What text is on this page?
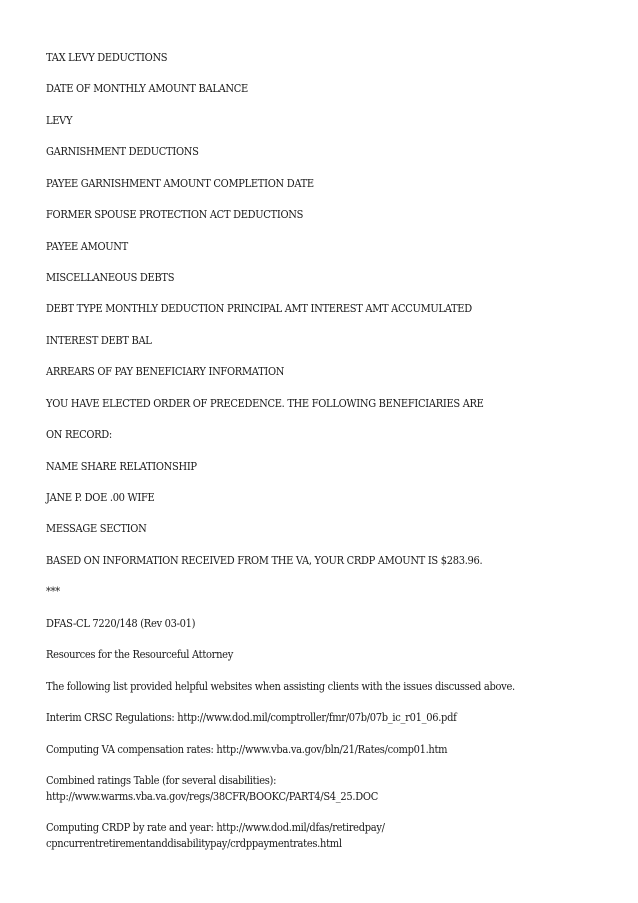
TAX LEVY DEDUCTIONS

DATE OF MONTHLY AMOUNT BALANCE

LEVY

GARNISHMENT DEDUCTIONS

PAYEE GARNISHMENT AMOUNT COMPLETION DATE

FORMER SPOUSE PROTECTION ACT DEDUCTIONS

PAYEE AMOUNT

MISCELLANEOUS DEBTS

DEBT TYPE MONTHLY DEDUCTION PRINCIPAL AMT INTEREST AMT ACCUMULATED

INTEREST DEBT BAL

ARREARS OF PAY BENEFICIARY INFORMATION

YOU HAVE ELECTED ORDER OF PRECEDENCE. THE FOLLOWING BENEFICIARIES ARE

ON RECORD:

NAME SHARE RELATIONSHIP

JANE P. DOE .00 WIFE

MESSAGE SECTION

BASED ON INFORMATION RECEIVED FROM THE VA, YOUR CRDP AMOUNT IS $283.96.

***

DFAS-CL 7220/148 (Rev 03-01)

Resources for the Resourceful Attorney

The following list provided helpful websites when assisting clients with the issues discussed above.

Interim CRSC Regulations: http://www.dod.mil/comptroller/fmr/07b/07b_ic_r01_06.pdf

Computing VA compensation rates: http://www.vba.va.gov/bln/21/Rates/comp01.htm

Combined ratings Table (for several disabilities):
http://www.warms.vba.va.gov/regs/38CFR/BOOKC/PART4/S4_25.DOC

Computing CRDP by rate and year: http://www.dod.mil/dfas/retiredpay/
cpncurrentretirementanddisabilitypay/crdppaymentrates.html
